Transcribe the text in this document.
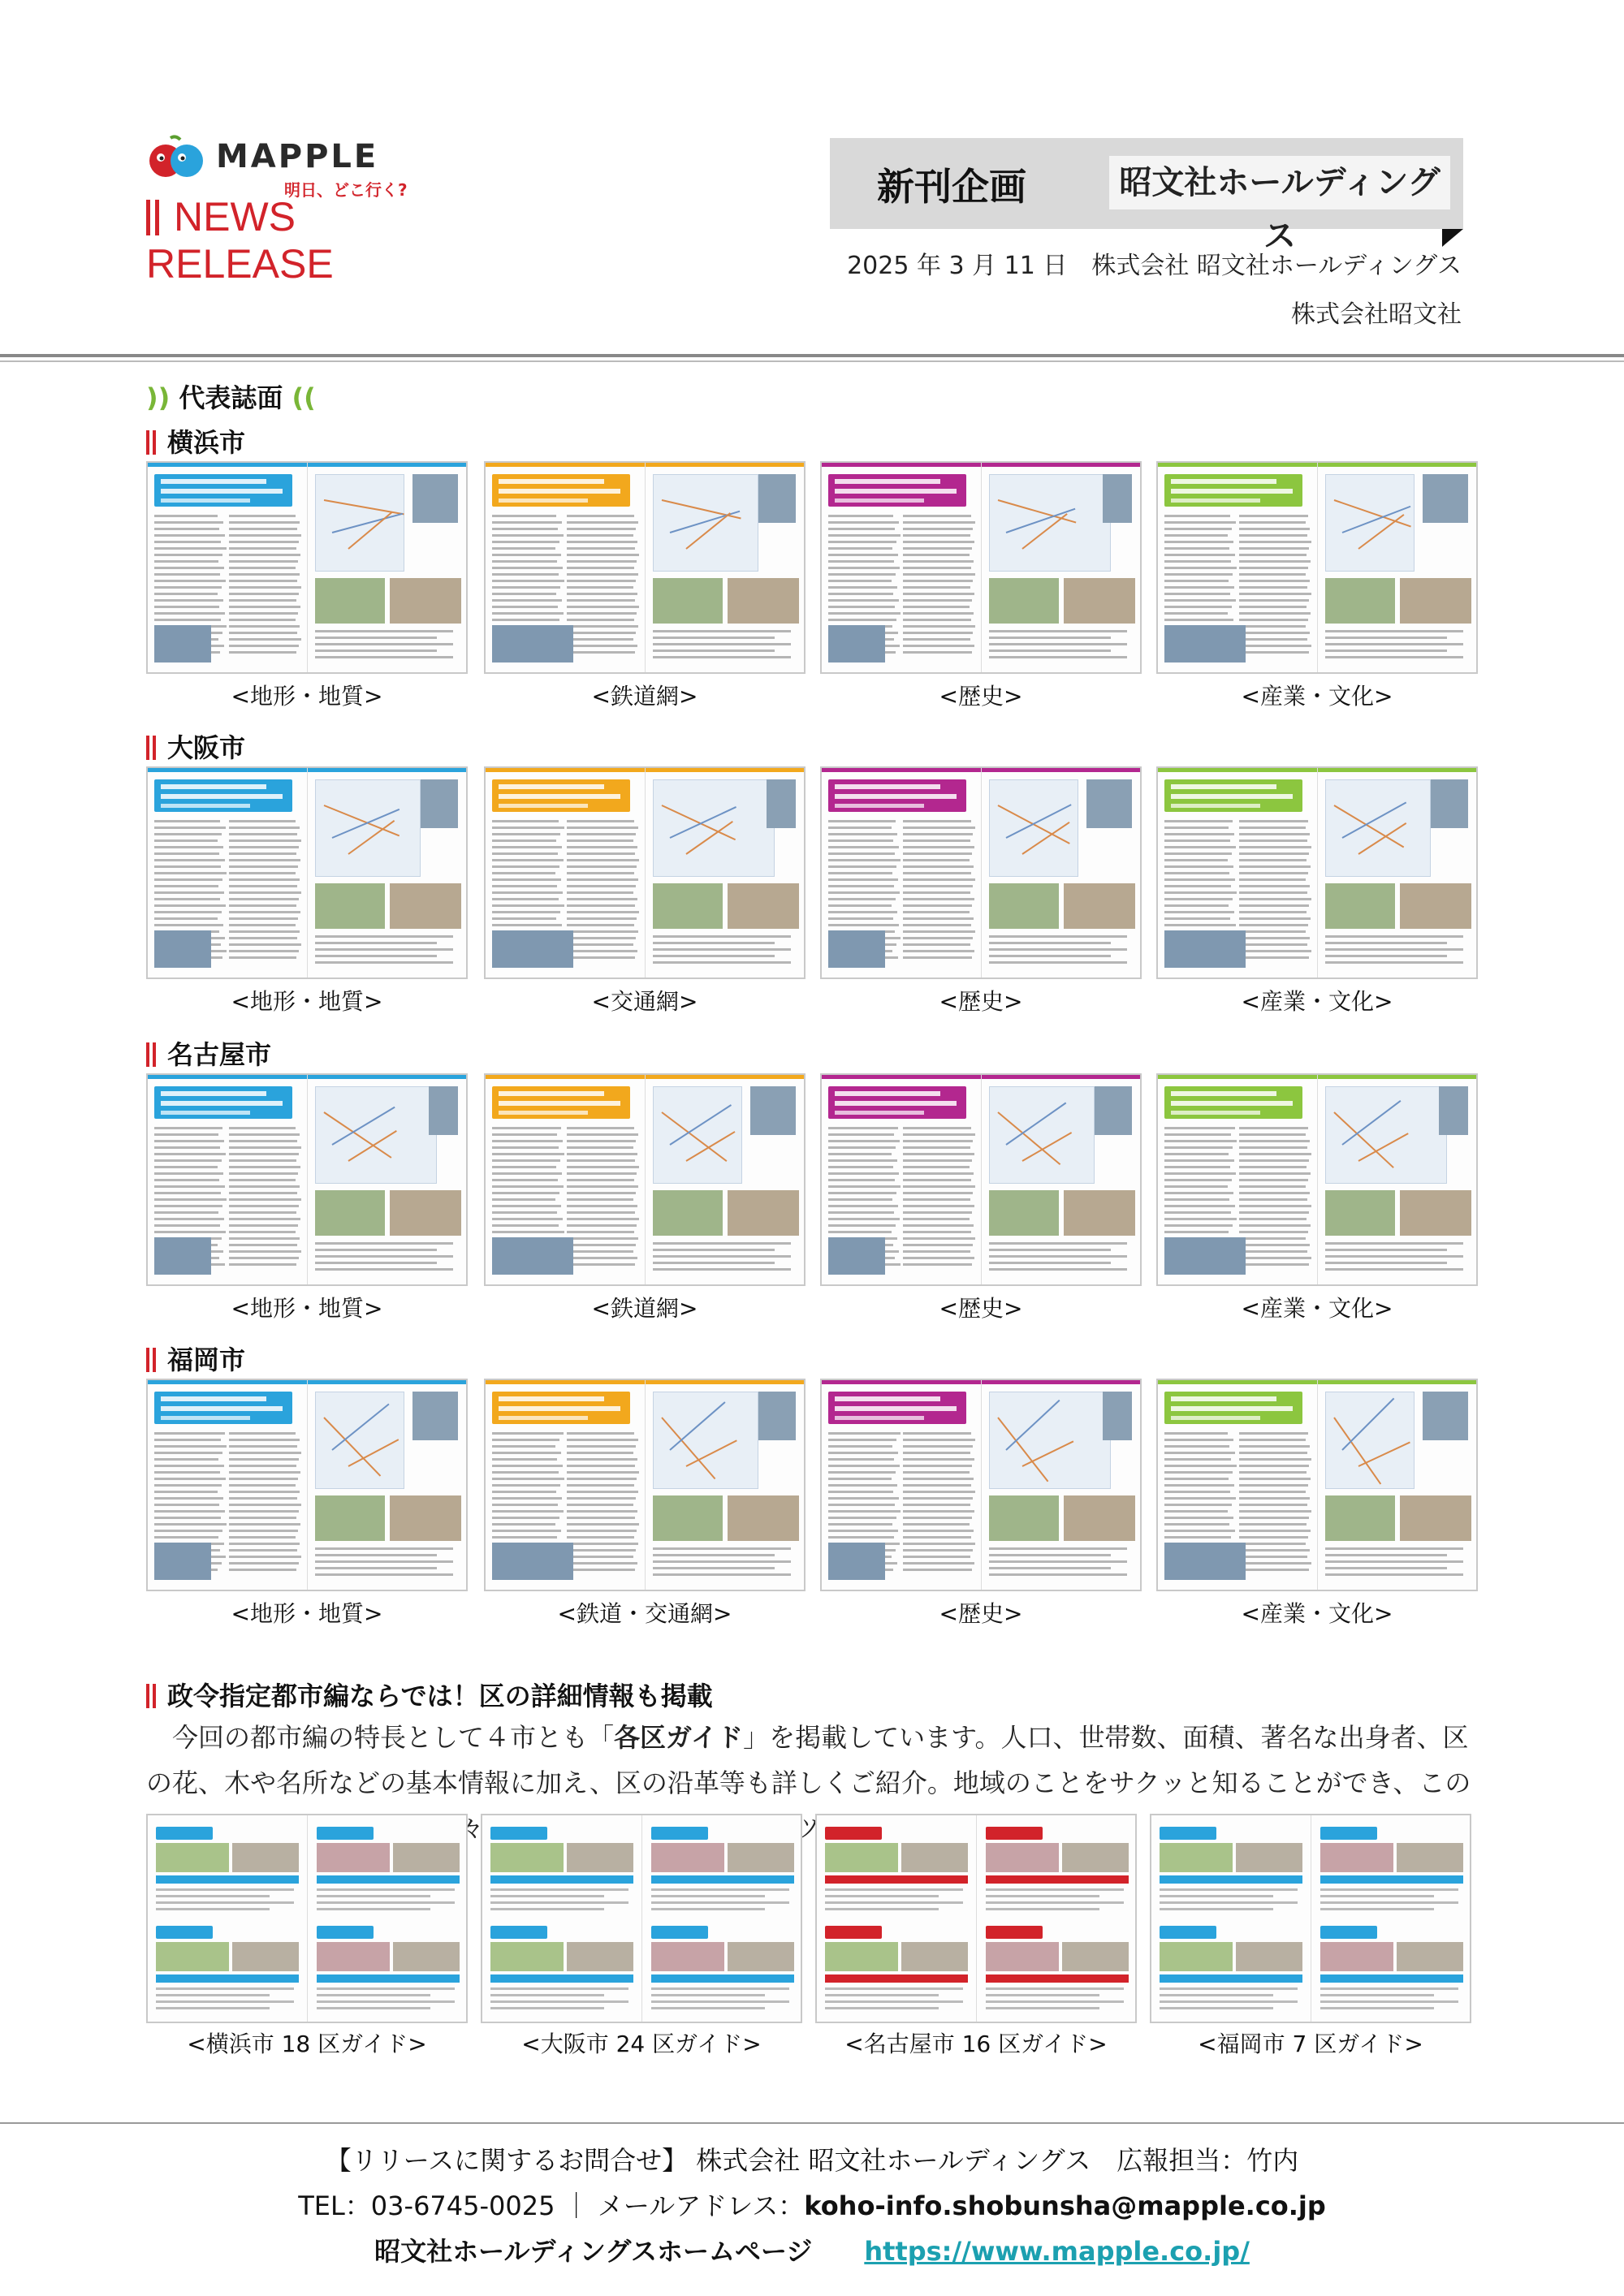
MAPPLE
明日、どこ行く?
NEWS RELEASE
新刊企画	昭文社ホールディングス
2025 年 3 月 11 日　株式会社 昭文社ホールディングス
株式会社昭文社
)) 代表誌面 ((
横浜市
<地形・地質>	<鉄道網>	<歴史>	<産業・文化>
大阪市
<地形・地質>	<交通網>	<歴史>	<産業・文化>
名古屋市
<地形・地質>	<鉄道網>	<歴史>	<産業・文化>
福岡市
<地形・地質>	<鉄道・交通網>	<歴史>	<産業・文化>
政令指定都市編ならでは！区の詳細情報も掲載
今回の都市編の特長として４市とも「各区ガイド」を掲載しています。人口、世帯数、面積、著名な出身者、区の花、木や名所などの基本情報に加え、区の沿革等も詳しくご紹介。地域のことをサクッと知ることができ、この 々 ンテンツです。
<横浜市 18 区ガイド>	<大阪市 24 区ガイド>	<名古屋市 16 区ガイド>	<福岡市 7 区ガイド>
【リリースに関するお問合せ】 株式会社 昭文社ホールディングス　広報担当：竹内
TEL：03-6745-0025 ｜ メールアドレス：koho-info.shobunsha@mapple.co.jp
昭文社ホールディングスホームページ https://www.mapple.co.jp/
